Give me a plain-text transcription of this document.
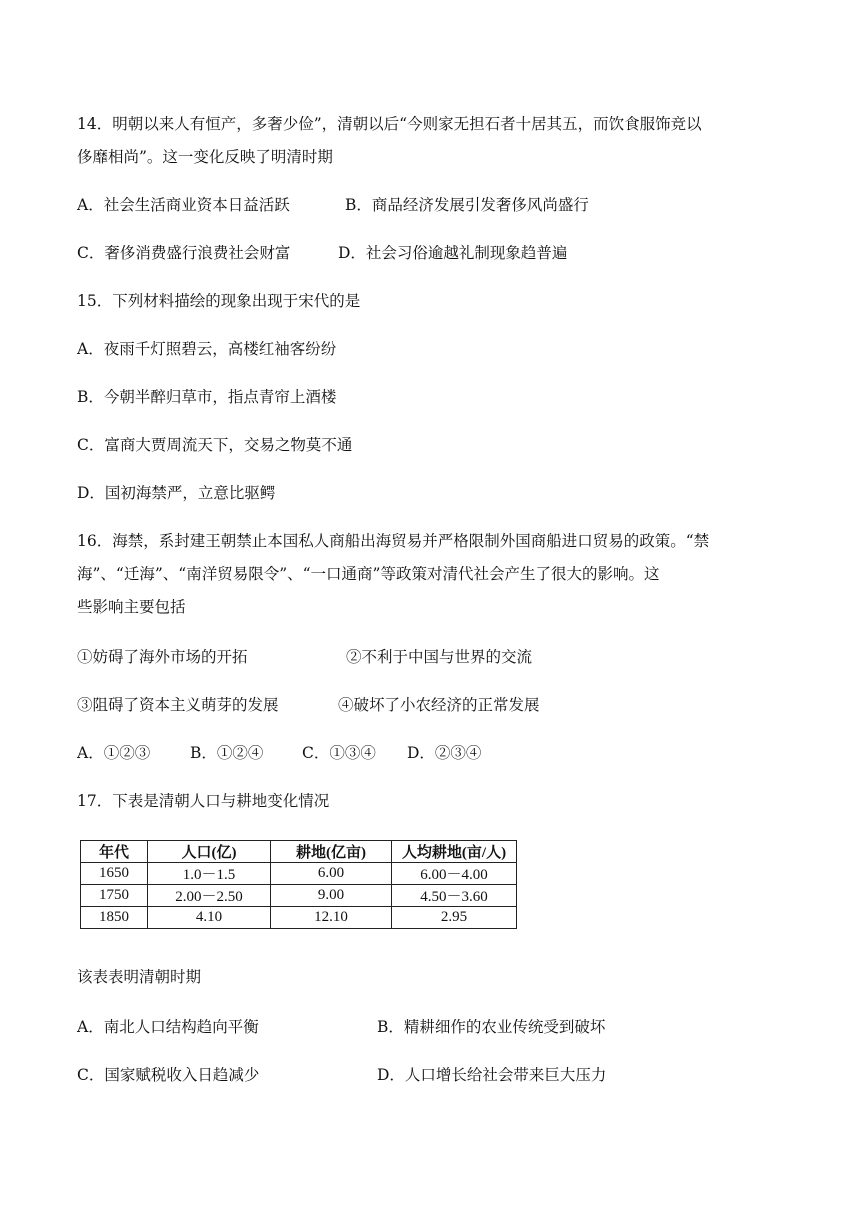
14．明朝以来人有恒产，多奢少俭”，清朝以后“今则家无担石者十居其五，而饮食服饰竞以
侈靡相尚”。这一变化反映了明清时期
A．社会生活商业资本日益活跃	B．商品经济发展引发奢侈风尚盛行
C．奢侈消费盛行浪费社会财富	D．社会习俗逾越礼制现象趋普遍
15．下列材料描绘的现象出现于宋代的是
A．夜雨千灯照碧云，高楼红袖客纷纷
B．今朝半醉归草市，指点青帘上酒楼
C．富商大贾周流天下，交易之物莫不通
D．国初海禁严，立意比驱鳄
16．海禁，系封建王朝禁止本国私人商船出海贸易并严格限制外国商船进口贸易的政策。“禁
海”、“迁海”、“南洋贸易限令”、“一口通商”等政策对清代社会产生了很大的影响。这
些影响主要包括
①妨碍了海外市场的开拓	②不利于中国与世界的交流
③阻碍了资本主义萌芽的发展	④破坏了小农经济的正常发展
A．①②③	B．①②④ C．①③④ D．②③④
17．下表是清朝人口与耕地变化情况
年代	人口(亿)	耕地(亿亩)	人均耕地(亩/人)
1650	1.0－1.5	6.00	6.00－4.00
1750	2.00－2.50	9.00	4.50－3.60
1850	4.10	12.10	2.95
该表表明清朝时期
A．南北人口结构趋向平衡	B．精耕细作的农业传统受到破坏
C．国家赋税收入日趋减少	D．人口增长给社会带来巨大压力
